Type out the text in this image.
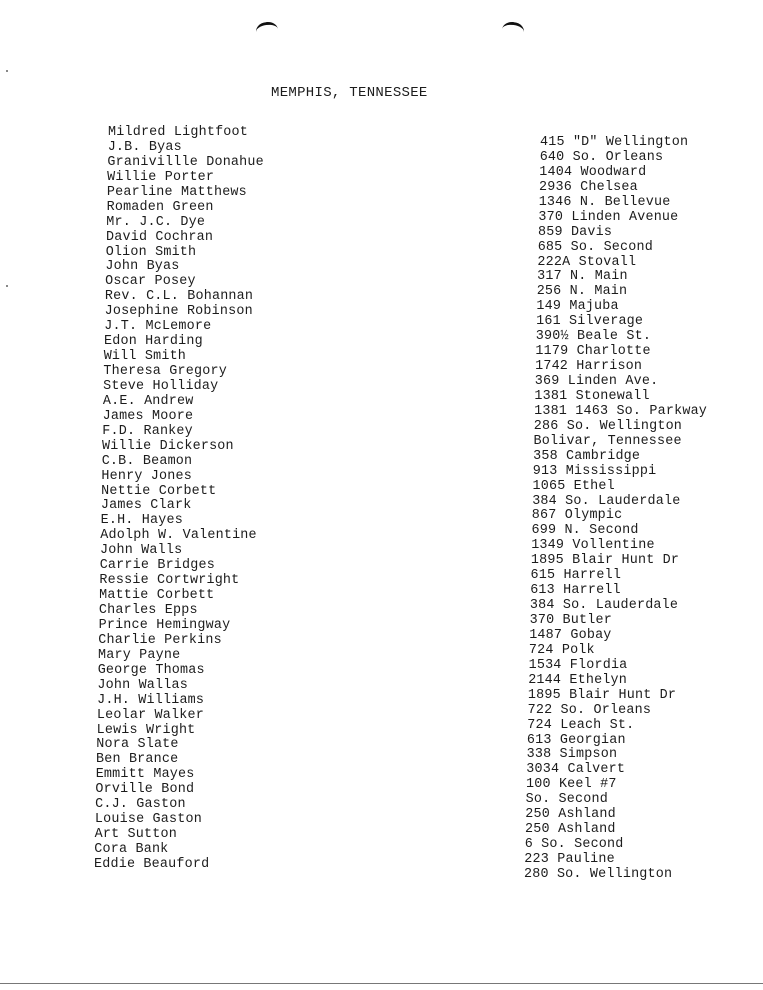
MEMPHIS, TENNESSEE
Mildred Lightfoot
J.B. Byas
Granivillle Donahue
Willie Porter
Pearline Matthews
Romaden Green
Mr. J.C. Dye
David Cochran
Olion Smith
John Byas
Oscar Posey
Rev. C.L. Bohannan
Josephine Robinson
J.T. McLemore
Edon Harding
Will Smith
Theresa Gregory
Steve Holliday
A.E. Andrew
James Moore
F.D. Rankey
Willie Dickerson
C.B. Beamon
Henry Jones
Nettie Corbett
James Clark
E.H. Hayes
Adolph W. Valentine
John Walls
Carrie Bridges
Ressie Cortwright
Mattie Corbett
Charles Epps
Prince Hemingway
Charlie Perkins
Mary Payne
George Thomas
John Wallas
J.H. Williams
Leolar Walker
Lewis Wright
Nora Slate
Ben Brance
Emmitt Mayes
Orville Bond
C.J. Gaston
Louise Gaston
Art Sutton
Cora Bank
Eddie Beauford
415 "D" Wellington
640 So. Orleans
1404 Woodward
2936 Chelsea
1346 N. Bellevue
370 Linden Avenue
859 Davis
685 So. Second
222A Stovall
317 N. Main
256 N. Main
149 Majuba
161 Silverage
390½ Beale St.
1179 Charlotte
1742 Harrison
369 Linden Ave.
1381 Stonewall
1381 1463 So. Parkway
286 So. Wellington
Bolivar, Tennessee
358 Cambridge
913 Mississippi
1065 Ethel
384 So. Lauderdale
867 Olympic
699 N. Second
1349 Vollentine
1895 Blair Hunt Dr
615 Harrell
613 Harrell
384 So. Lauderdale
370 Butler
1487 Gobay
724 Polk
1534 Flordia
2144 Ethelyn
1895 Blair Hunt Dr
722 So. Orleans
724 Leach St.
613 Georgian
338 Simpson
3034 Calvert
100 Keel #7
So. Second
250 Ashland
250 Ashland
6 So. Second
223 Pauline
280 So. Wellington
